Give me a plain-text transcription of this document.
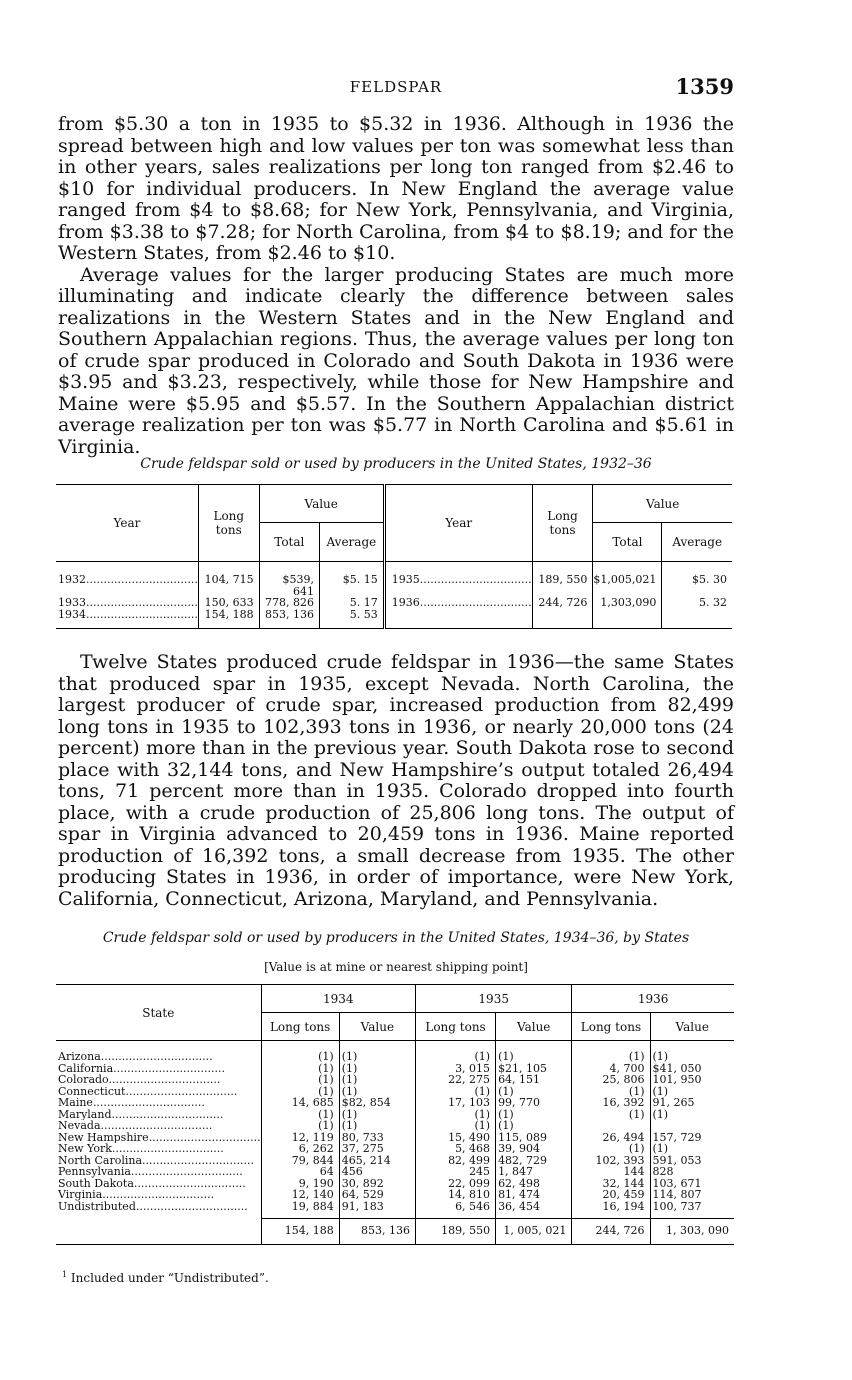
FELDSPAR	1359

from $5.30 a ton in 1935 to $5.32 in 1936. Although in 1936 the spread between high and low values per ton was somewhat less than in other years, sales realizations per long ton ranged from $2.46 to $10 for individual producers. In New England the average value ranged from $4 to $8.68; for New York, Pennsylvania, and Virginia, from $3.38 to $7.28; for North Carolina, from $4 to $8.19; and for the Western States, from $2.46 to $10.

Average values for the larger producing States are much more illuminating and indicate clearly the difference between sales realizations in the Western States and in the New England and Southern Appalachian regions. Thus, the average values per long ton of crude spar produced in Colorado and South Dakota in 1936 were $3.95 and $3.23, respectively, while those for New Hampshire and Maine were $5.95 and $5.57. In the Southern Appalachian district average realization per ton was $5.77 in North Carolina and $5.61 in Virginia.

Crude feldspar sold or used by producers in the United States, 1932–36
Year	Long tons	Value		Year	Long tons	Value	
		Total	Average			Total	Average

1932................................	104, 715	$539, 641	$5. 15	1935................................	189, 550	$1,005,021	$5. 30
1933................................	150, 633	778, 826	5. 17	1936................................	244, 726	1,303,090	5. 32
1934................................	154, 188	853, 136	5. 53				

Twelve States produced crude feldspar in 1936—the same States that produced spar in 1935, except Nevada. North Carolina, the largest producer of crude spar, increased production from 82,499 long tons in 1935 to 102,393 tons in 1936, or nearly 20,000 tons (24 percent) more than in the previous year. South Dakota rose to second place with 32,144 tons, and New Hampshire’s output totaled 26,494 tons, 71 percent more than in 1935. Colorado dropped into fourth place, with a crude production of 25,806 long tons. The output of spar in Virginia advanced to 20,459 tons in 1936. Maine reported production of 16,392 tons, a small decrease from 1935. The other producing States in 1936, in order of importance, were New York, California, Connecticut, Arizona, Maryland, and Pennsylvania.

Crude feldspar sold or used by producers in the United States, 1934–36, by States
[Value is at mine or nearest shipping point]
State	1934		1935		1936	
	Long tons	Value	Long tons	Value	Long tons	Value

Arizona................................	(1)	(1)	(1)	(1)	(1)	(1)
California................................	(1)	(1)	3, 015	$21, 105	4, 700	$41, 050
Colorado................................	(1)	(1)	22, 275	64, 151	25, 806	101, 950
Connecticut................................	(1)	(1)	(1)	(1)	(1)	(1)
Maine................................	14, 685	$82, 854	17, 103	99, 770	16, 392	91, 265
Maryland................................	(1)	(1)	(1)	(1)	(1)	(1)
Nevada................................	(1)	(1)	(1)	(1)		
New Hampshire................................	12, 119	80, 733	15, 490	115, 089	26, 494	157, 729
New York................................	6, 262	37, 275	5, 468	39, 904	(1)	(1)
North Carolina................................	79, 844	465, 214	82, 499	482, 729	102, 393	591, 053
Pennsylvania................................	64	456	245	1, 847	144	828
South Dakota................................	9, 190	30, 892	22, 099	62, 498	32, 144	103, 671
Virginia................................	12, 140	64, 529	14, 810	81, 474	20, 459	114, 807
Undistributed................................	19, 884	91, 183	6, 546	36, 454	16, 194	100, 737

	154, 188	853, 136	189, 550	1, 005, 021	244, 726	1, 303, 090

$^1$ Included under “Undistributed”.
